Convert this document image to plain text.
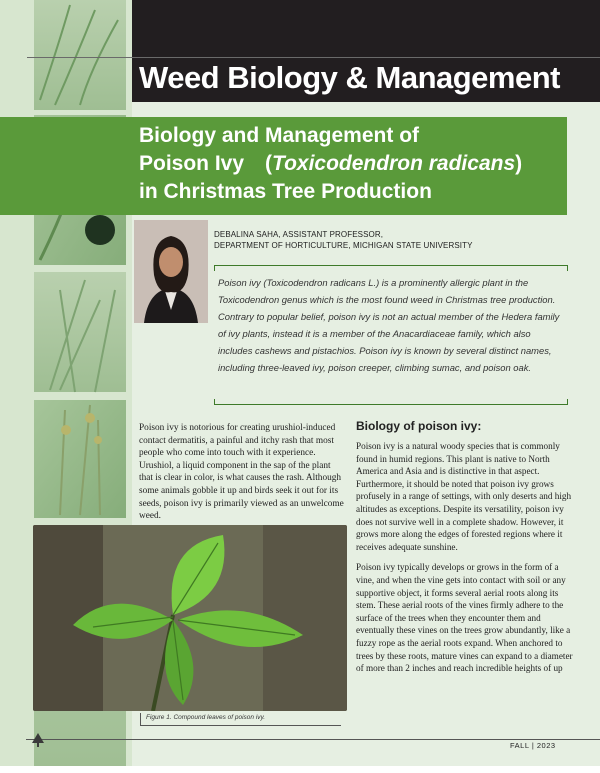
Weed Biology & Management
Biology and Management of
Poison Ivy　(Toxicodendron radicans)
in Christmas Tree Production
DEBALINA SAHA, ASSISTANT PROFESSOR,
DEPARTMENT OF HORTICULTURE, MICHIGAN STATE UNIVERSITY

Poison ivy (Toxicodendron radicans L.) is a prominently allergic plant in the Toxicodendron genus which is the most found weed in Christmas tree production. Contrary to popular belief, poison ivy is not an actual member of the Hedera family of ivy plants, instead it is a member of the Anacardiaceae family, which also includes cashews and pistachios. Poison ivy is known by several distinct names, including three-leaved ivy, poison creeper, climbing sumac, and poison oak.

Poison ivy is notorious for creating urushiol-induced contact dermatitis, a painful and itchy rash that most people who come into touch with it experience. Urushiol, a liquid component in the sap of the plant that is clear in color, is what causes the rash. Although some animals gobble it up and birds seek it out for its seeds, poison ivy is primarily viewed as an unwelcome weed.

Figure 1. Compound leaves of poison ivy.
Biology of poison ivy:

Poison ivy is a natural woody species that is commonly found in humid regions. This plant is native to North America and Asia and is distinctive in that aspect. Furthermore, it should be noted that poison ivy grows profusely in a range of settings, with only deserts and high altitudes as exceptions. Despite its versatility, poison ivy does not survive well in a complete shadow. However, it grows more along the edges of forested regions where it receives adequate sunshine.

Poison ivy typically develops or grows in the form of a vine, and when the vine gets into contact with soil or any supportive object, it forms several aerial roots along its stem. These aerial roots of the vines firmly adhere to the surface of the trees when they encounter them and eventually these vines on the trees grow abundantly, like a fuzzy rope as the aerial roots expand. When anchored to trees by these roots, mature vines can expand to a diameter of more than 2 inches and reach incredible heights of up

FALL | 2023
